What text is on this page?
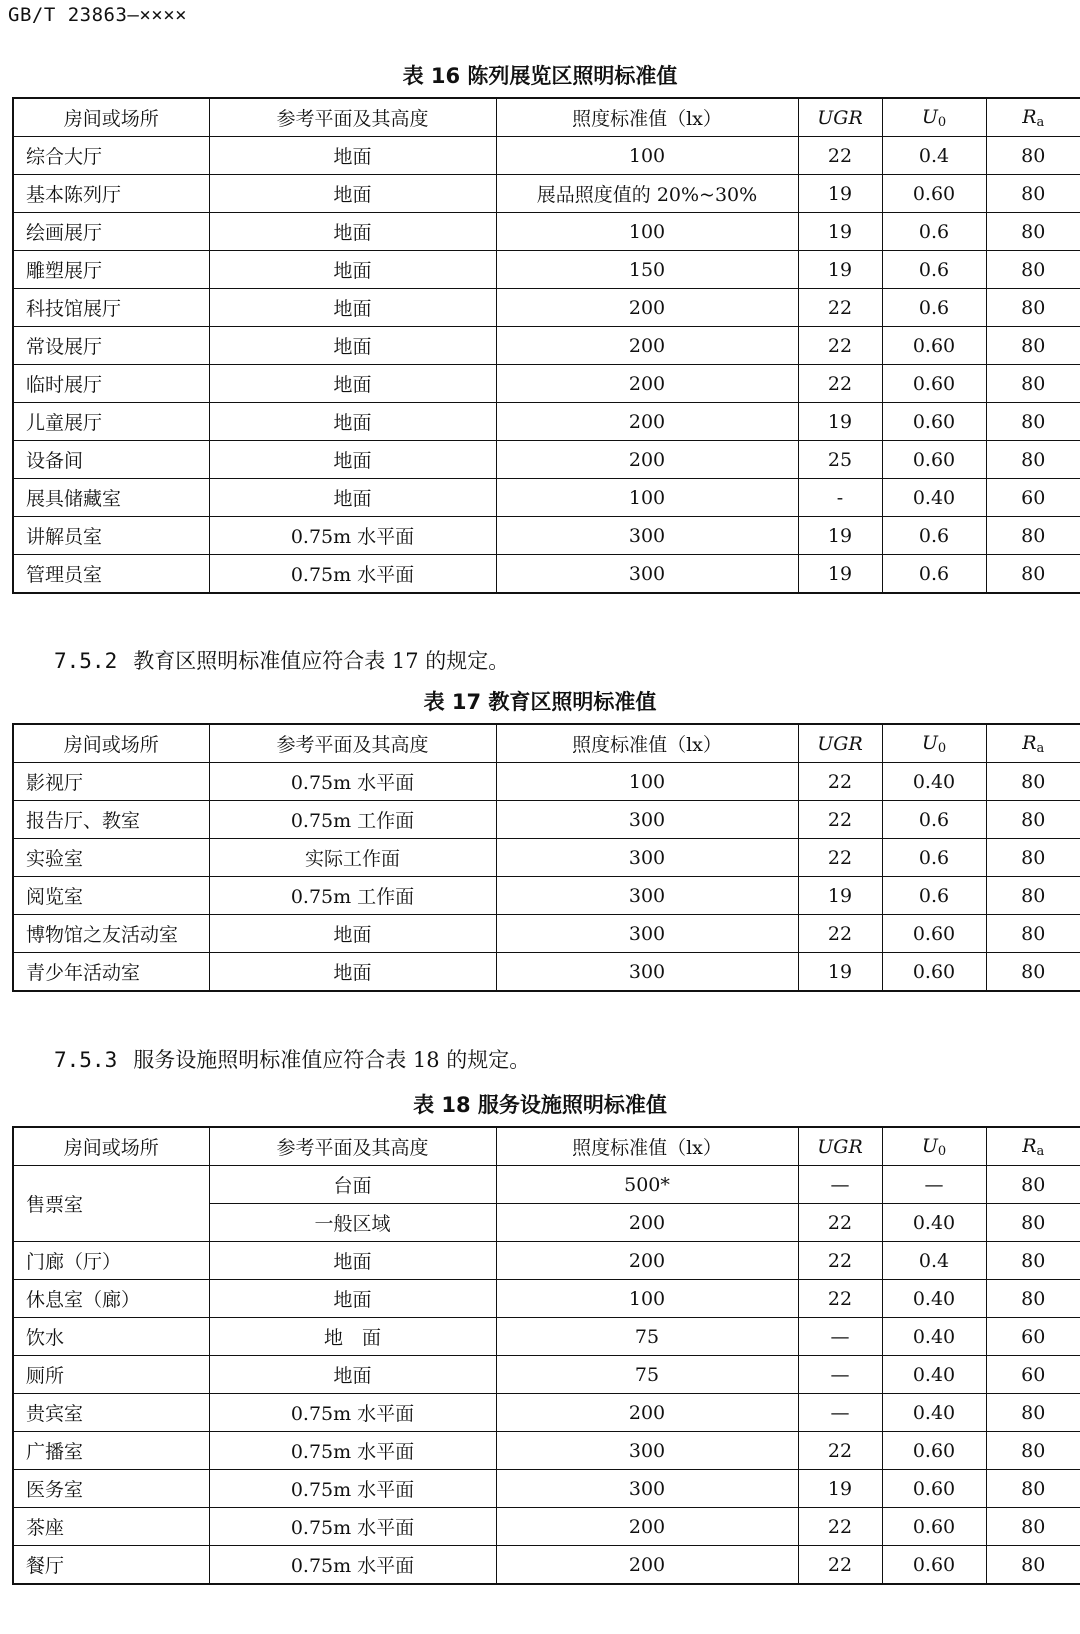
GB/T 23863—××××
表 16 陈列展览区照明标准值
房间或场所	参考平面及其高度	照度标准值（lx）	UGR	$U_0$	$R_a$
综合大厅	地面	100	22	0.4	80
基本陈列厅	地面	展品照度值的 20%~30%	19	0.60	80
绘画展厅	地面	100	19	0.6	80
雕塑展厅	地面	150	19	0.6	80
科技馆展厅	地面	200	22	0.6	80
常设展厅	地面	200	22	0.60	80
临时展厅	地面	200	22	0.60	80
儿童展厅	地面	200	19	0.60	80
设备间	地面	200	25	0.60	80
展具储藏室	地面	100	-	0.40	60
讲解员室	0.75m 水平面	300	19	0.6	80
管理员室	0.75m 水平面	300	19	0.6	80
7.5.2 教育区照明标准值应符合表 17 的规定。
表 17 教育区照明标准值
房间或场所	参考平面及其高度	照度标准值（lx）	UGR	$U_0$	$R_a$
影视厅	0.75m 水平面	100	22	0.40	80
报告厅、教室	0.75m 工作面	300	22	0.6	80
实验室	实际工作面	300	22	0.6	80
阅览室	0.75m 工作面	300	19	0.6	80
博物馆之友活动室	地面	300	22	0.60	80
青少年活动室	地面	300	19	0.60	80
7.5.3 服务设施照明标准值应符合表 18 的规定。
表 18 服务设施照明标准值
房间或场所	参考平面及其高度	照度标准值（lx）	UGR	$U_0$	$R_a$
售票室	台面	500*	—	—	80
	一般区域	200	22	0.40	80
门廊（厅）	地面	200	22	0.4	80
休息室（廊）	地面	100	22	0.40	80
饮水	地　面	75	—	0.40	60
厕所	地面	75	—	0.40	60
贵宾室	0.75m 水平面	200	—	0.40	80
广播室	0.75m 水平面	300	22	0.60	80
医务室	0.75m 水平面	300	19	0.60	80
茶座	0.75m 水平面	200	22	0.60	80
餐厅	0.75m 水平面	200	22	0.60	80
